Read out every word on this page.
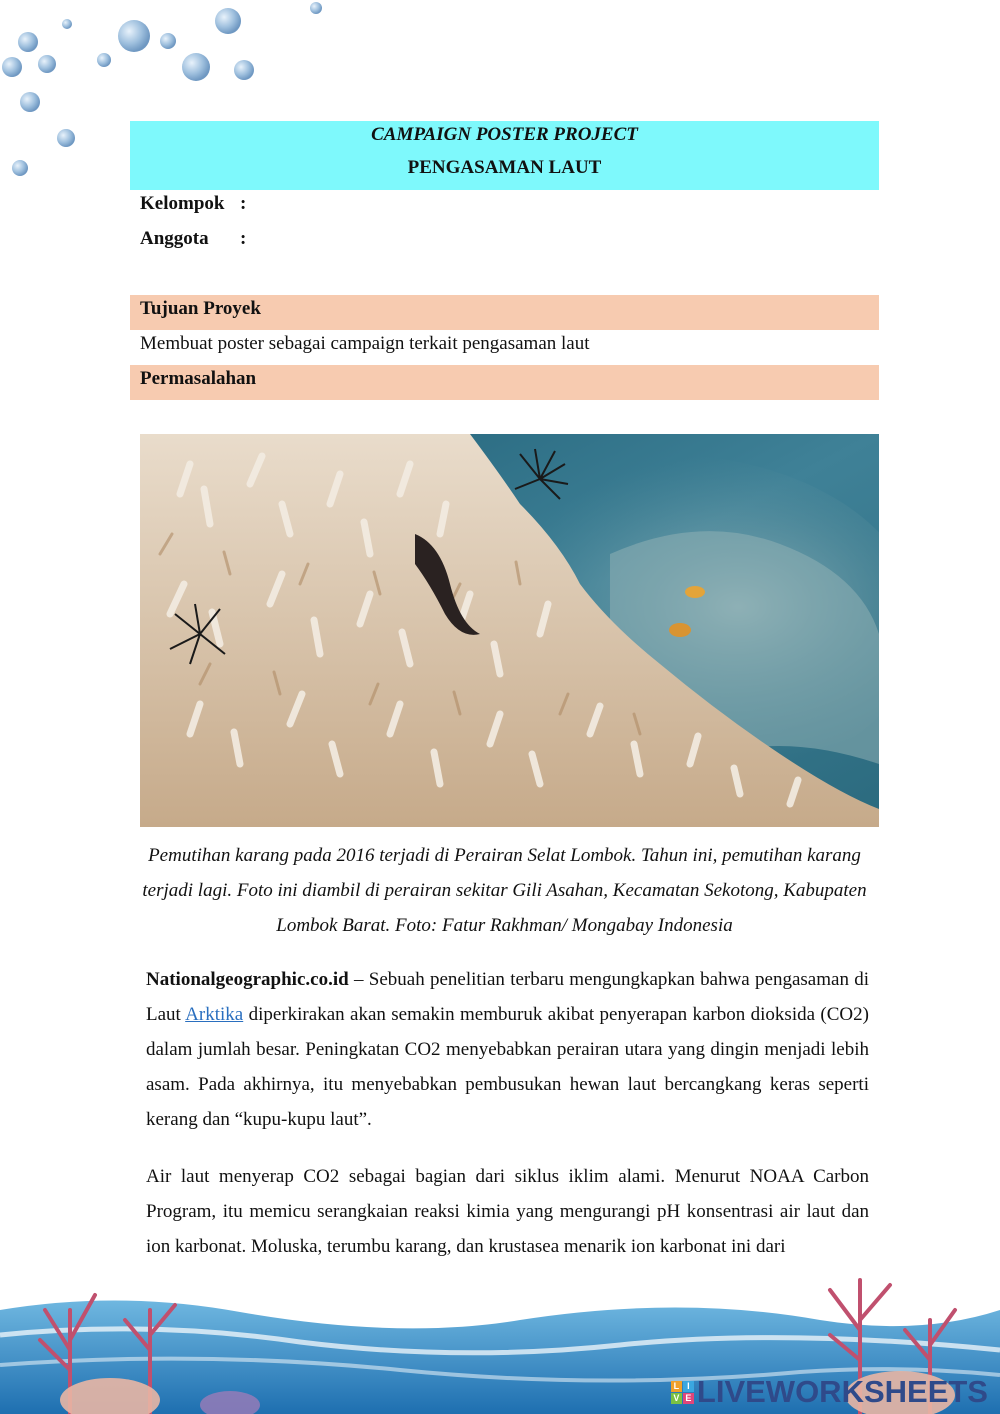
CAMPAIGN POSTER PROJECT
PENGASAMAN LAUT
Kelompok :
Anggota :
Tujuan Proyek
Membuat poster sebagai campaign terkait pengasaman laut
Permasalahan
Pemutihan karang pada 2016 terjadi di Perairan Selat Lombok. Tahun ini, pemutihan karang terjadi lagi. Foto ini diambil di perairan sekitar Gili Asahan, Kecamatan Sekotong, Kabupaten Lombok Barat. Foto: Fatur Rakhman/ Mongabay Indonesia
Nationalgeographic.co.id – Sebuah penelitian terbaru mengungkapkan bahwa pengasaman di Laut Arktika diperkirakan akan semakin memburuk akibat penyerapan karbon dioksida (CO2) dalam jumlah besar. Peningkatan CO2 menyebabkan perairan utara yang dingin menjadi lebih asam. Pada akhirnya, itu menyebabkan pembusukan hewan laut bercangkang keras seperti kerang dan “kupu-kupu laut”.
Air laut menyerap CO2 sebagai bagian dari siklus iklim alami. Menurut NOAA Carbon Program, itu memicu serangkaian reaksi kimia yang mengurangi pH konsentrasi air laut dan ion karbonat. Moluska, terumbu karang, dan krustasea menarik ion karbonat ini dari
L I
V E LIVEWORKSHEETS
